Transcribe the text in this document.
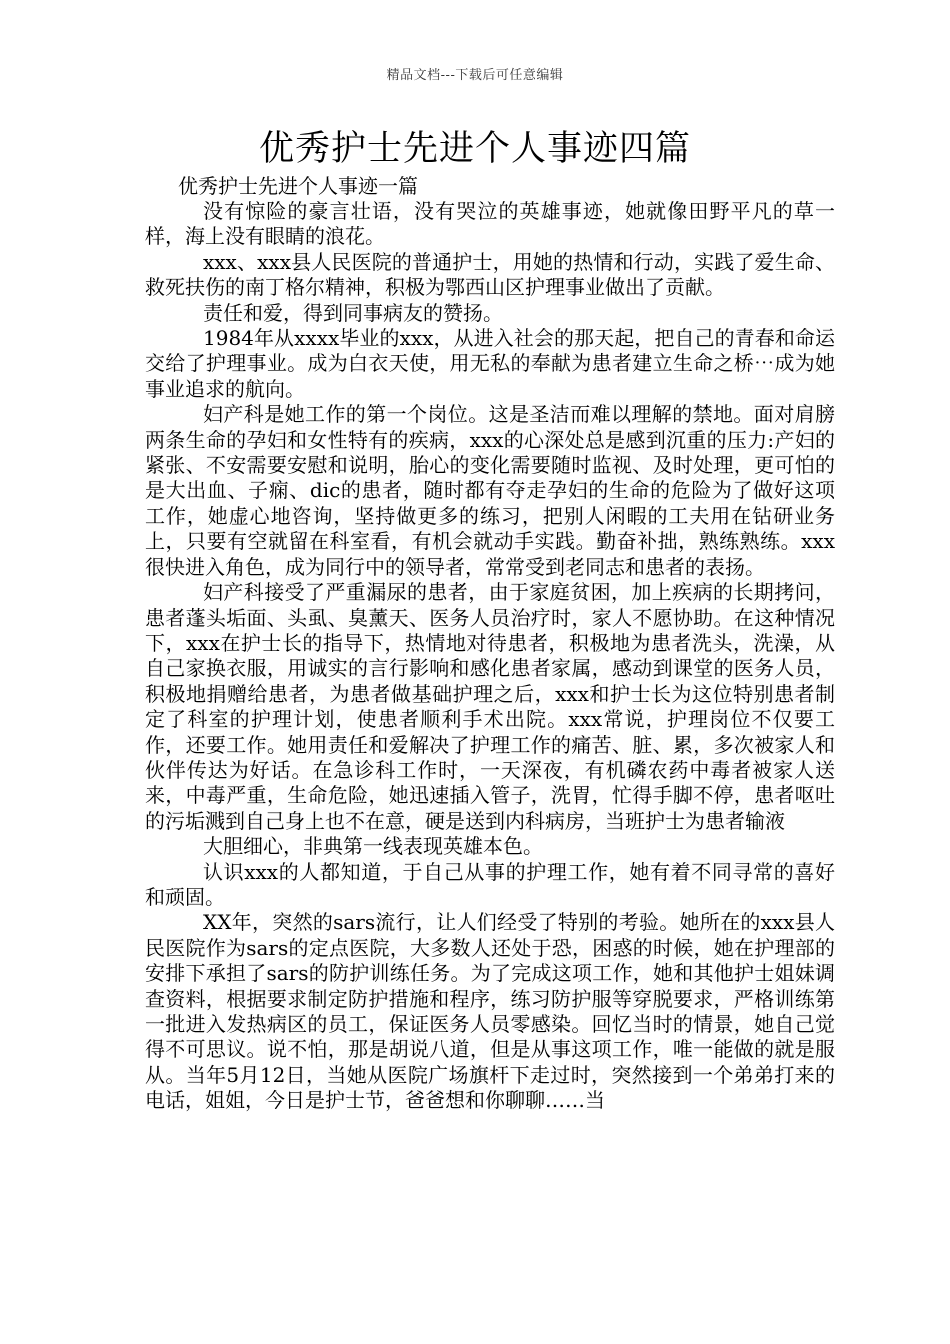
精品文档---下载后可任意编辑
优秀护士先进个人事迹四篇
优秀护士先进个人事迹一篇

没有惊险的豪言壮语，没有哭泣的英雄事迹，她就像田野平凡的草一样，海上没有眼睛的浪花。

xxx、xxx县人民医院的普通护士，用她的热情和行动，实践了爱生命、救死扶伤的南丁格尔精神，积极为鄂西山区护理事业做出了贡献。

责任和爱，得到同事病友的赞扬。

1984年从xxxx毕业的xxx，从进入社会的那天起，把自己的青春和命运交给了护理事业。成为白衣天使，用无私的奉献为患者建立生命之桥⋯成为她事业追求的航向。

妇产科是她工作的第一个岗位。这是圣洁而难以理解的禁地。面对肩膀两条生命的孕妇和女性特有的疾病，xxx的心深处总是感到沉重的压力:产妇的紧张、不安需要安慰和说明，胎心的变化需要随时监视、及时处理，更可怕的是大出血、子痫、dic的患者，随时都有夺走孕妇的生命的危险为了做好这项工作，她虚心地咨询，坚持做更多的练习，把别人闲暇的工夫用在钻研业务上，只要有空就留在科室看，有机会就动手实践。勤奋补拙，熟练熟练。xxx很快进入角色，成为同行中的领导者，常常受到老同志和患者的表扬。

妇产科接受了严重漏尿的患者，由于家庭贫困，加上疾病的长期拷问，患者蓬头垢面、头虱、臭薰天、医务人员治疗时，家人不愿协助。在这种情况下，xxx在护士长的指导下，热情地对待患者，积极地为患者洗头，洗澡，从自己家换衣服，用诚实的言行影响和感化患者家属，感动到课堂的医务人员，积极地捐赠给患者，为患者做基础护理之后，xxx和护士长为这位特别患者制定了科室的护理计划，使患者顺利手术出院。xxx常说，护理岗位不仅要工作，还要工作。她用责任和爱解决了护理工作的痛苦、脏、累，多次被家人和伙伴传达为好话。在急诊科工作时，一天深夜，有机磷农药中毒者被家人送来，中毒严重，生命危险，她迅速插入管子，洗胃，忙得手脚不停，患者呕吐的污垢溅到自己身上也不在意，硬是送到内科病房，当班护士为患者输液

大胆细心，非典第一线表现英雄本色。

认识xxx的人都知道，于自己从事的护理工作，她有着不同寻常的喜好和顽固。

XX年，突然的sars流行，让人们经受了特别的考验。她所在的xxx县人民医院作为sars的定点医院，大多数人还处于恐，困惑的时候，她在护理部的安排下承担了sars的防护训练任务。为了完成这项工作，她和其他护士姐妹调查资料，根据要求制定防护措施和程序，练习防护服等穿脱要求，严格训练第一批进入发热病区的员工，保证医务人员零感染。回忆当时的情景，她自己觉得不可思议。说不怕，那是胡说八道，但是从事这项工作，唯一能做的就是服从。当年5月12日，当她从医院广场旗杆下走过时，突然接到一个弟弟打来的电话，姐姐，今日是护士节，爸爸想和你聊聊……当
